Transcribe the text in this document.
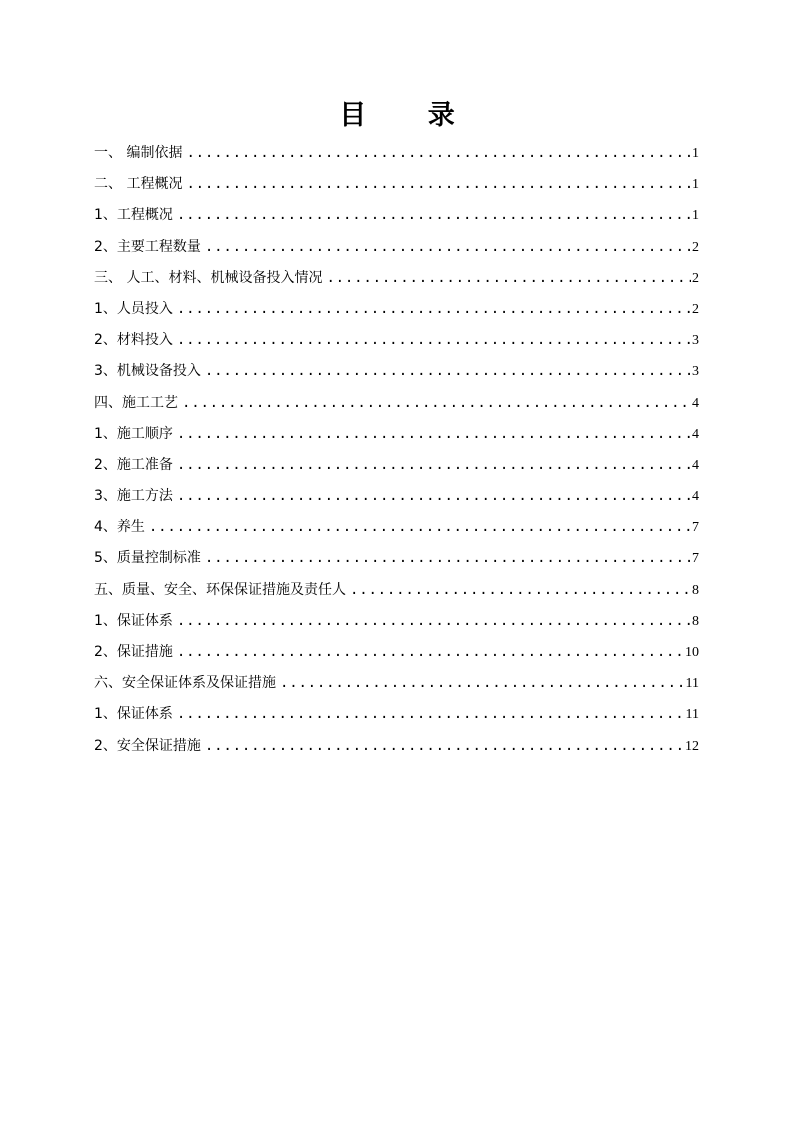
目 录
一、 编制依据 .....	1
二、 工程概况 .....	1
1、工程概况 .....	1
2、主要工程数量 .....	2
三、 人工、材料、机械设备投入情况 .....	2
1、人员投入 .....	2
2、材料投入 .....	3
3、机械设备投入 .....	3
四、施工工艺 .....	4
1、施工顺序 .....	4
2、施工准备 .....	4
3、施工方法 .....	4
4、养生 .....	7
5、质量控制标准 .....	7
五、质量、安全、环保保证措施及责任人 .....	8
1、保证体系 .....	8
2、保证措施 .....	10
六、安全保证体系及保证措施 .....	11
1、保证体系 .....	11
2、安全保证措施 .....	12
